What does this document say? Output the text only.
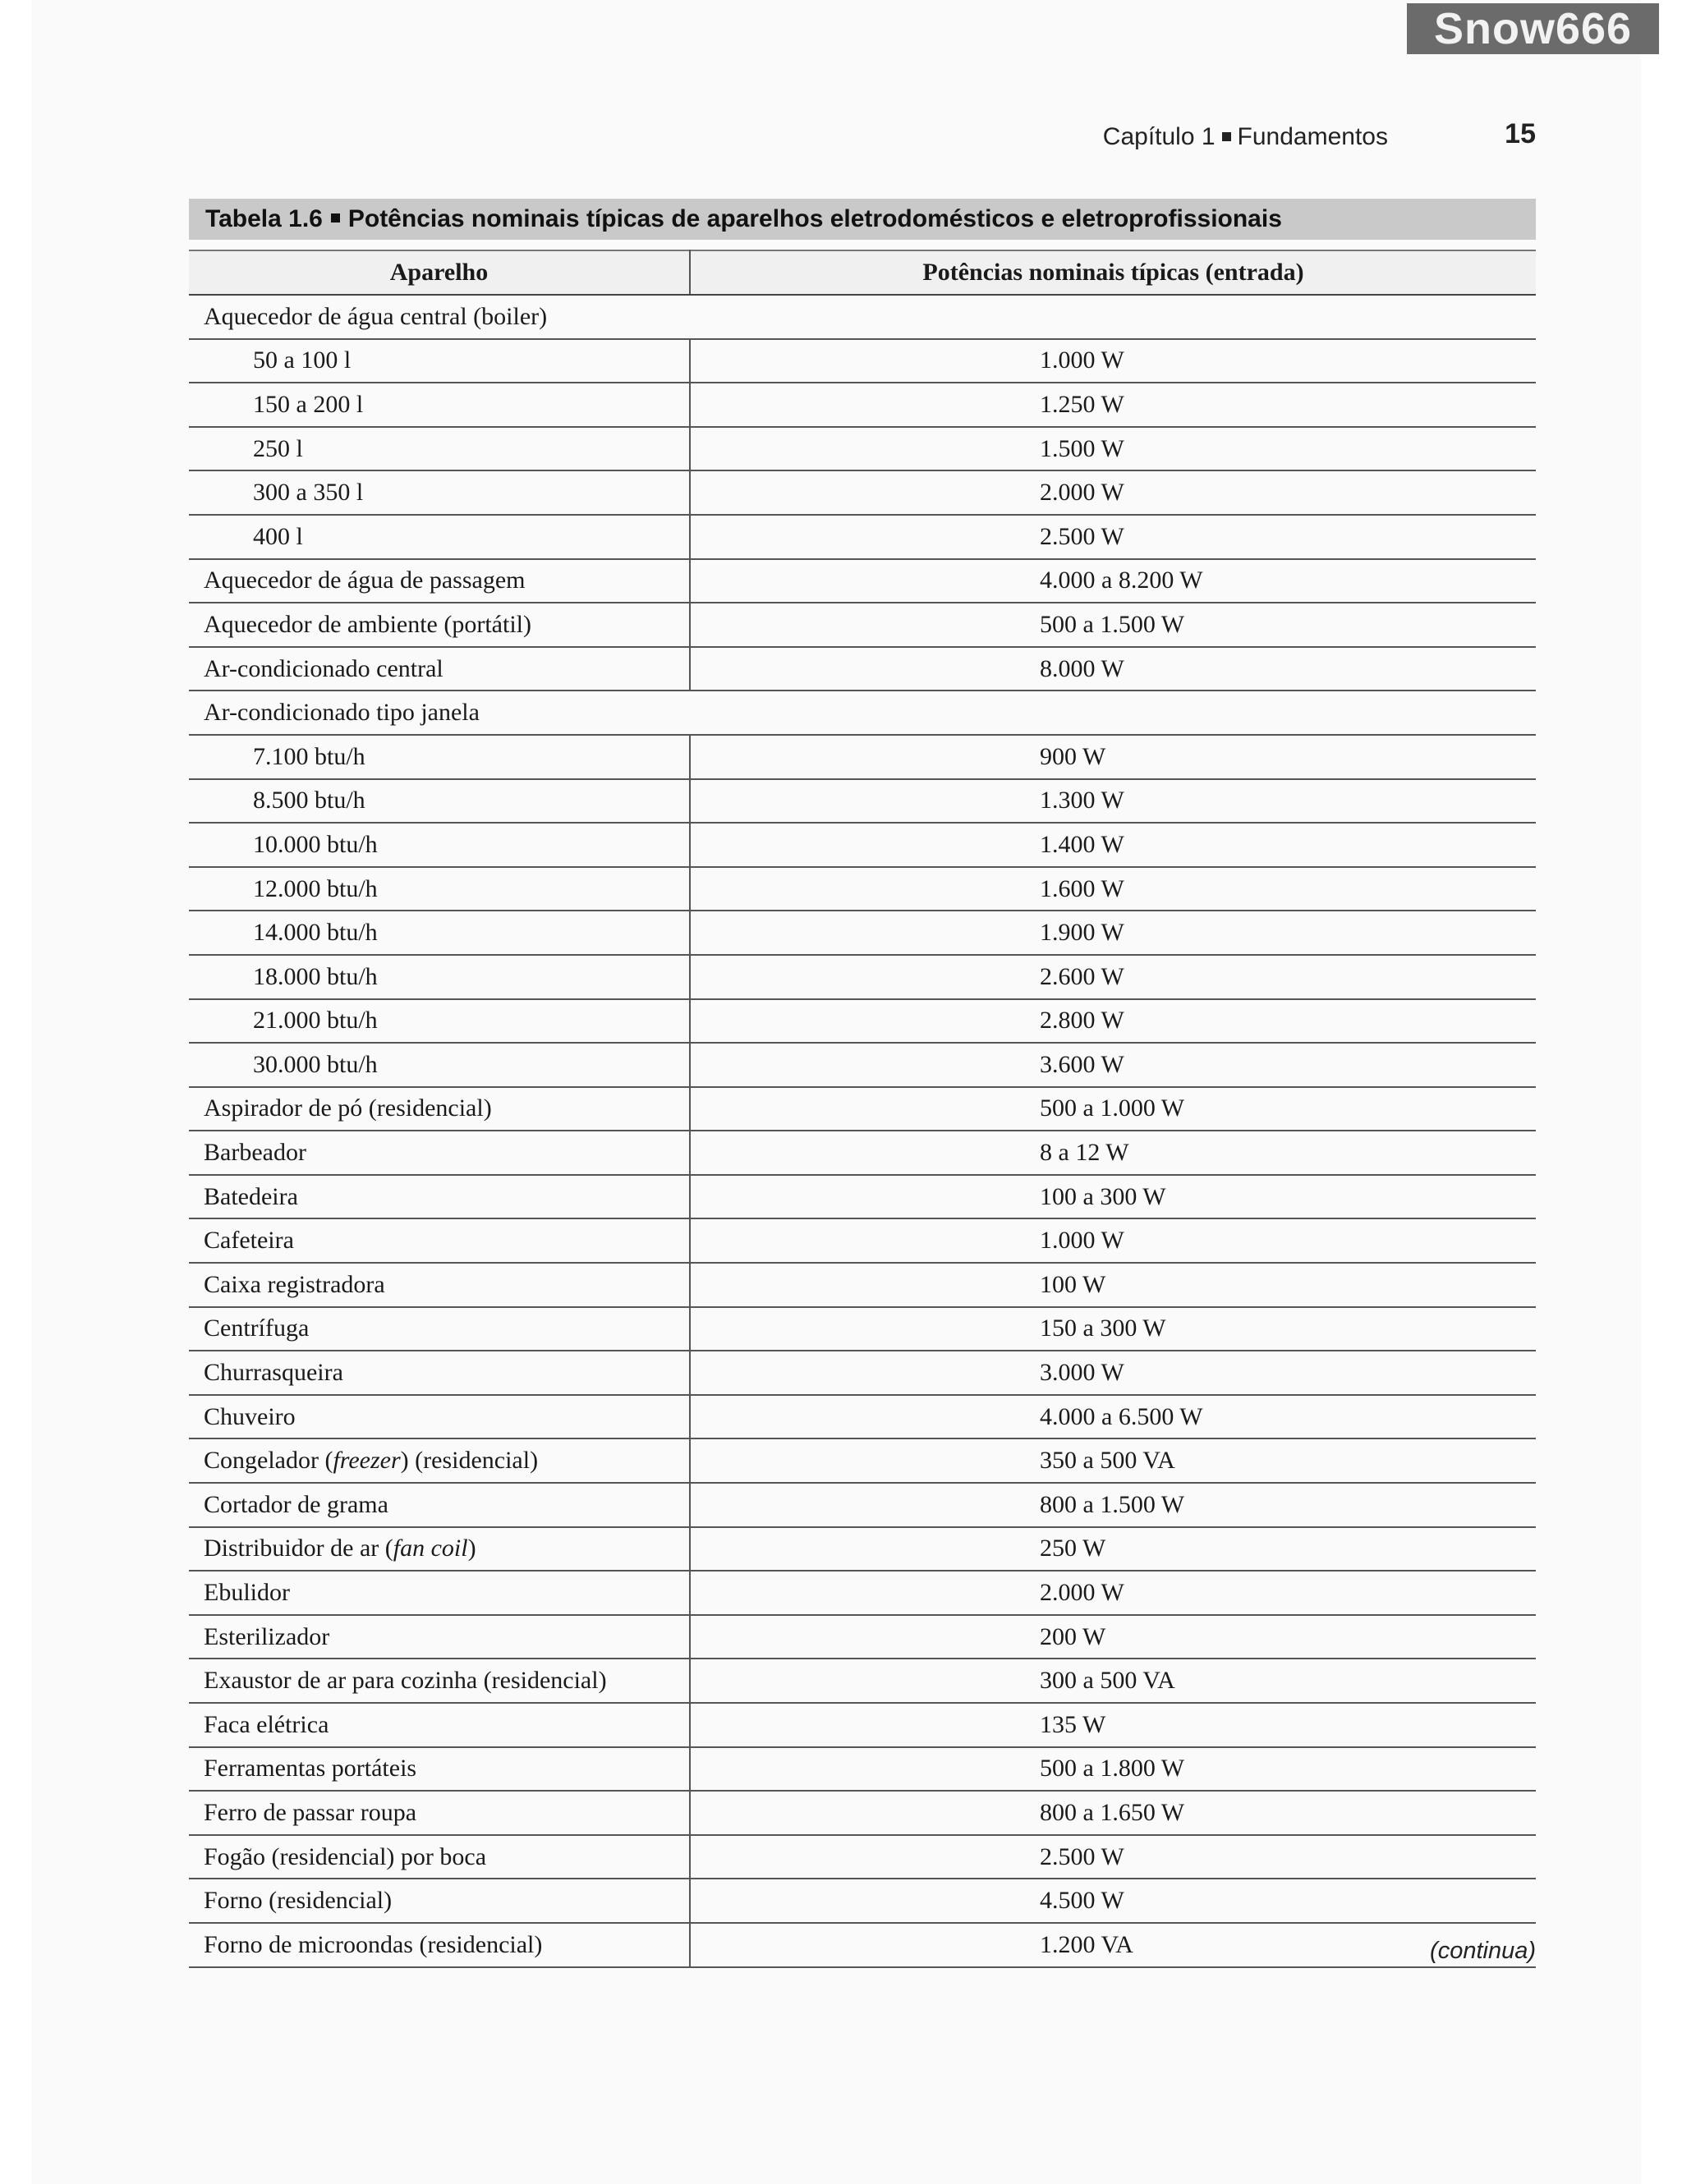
Snow666
Capítulo 1 Fundamentos	15
Tabela 1.6 Potências nominais típicas de aparelhos eletrodomésticos e eletroprofissionais
Aparelho	Potências nominais típicas (entrada)
Aquecedor de água central (boiler)	
50 a 100 l	1.000 W
150 a 200 l	1.250 W
250 l	1.500 W
300 a 350 l	2.000 W
400 l	2.500 W
Aquecedor de água de passagem	4.000 a 8.200 W
Aquecedor de ambiente (portátil)	500 a 1.500 W
Ar-condicionado central	8.000 W
Ar-condicionado tipo janela	
7.100 btu/h	900 W
8.500 btu/h	1.300 W
10.000 btu/h	1.400 W
12.000 btu/h	1.600 W
14.000 btu/h	1.900 W
18.000 btu/h	2.600 W
21.000 btu/h	2.800 W
30.000 btu/h	3.600 W
Aspirador de pó (residencial)	500 a 1.000 W
Barbeador	8 a 12 W
Batedeira	100 a 300 W
Cafeteira	1.000 W
Caixa registradora	100 W
Centrífuga	150 a 300 W
Churrasqueira	3.000 W
Chuveiro	4.000 a 6.500 W
Congelador (freezer) (residencial)	350 a 500 VA
Cortador de grama	800 a 1.500 W
Distribuidor de ar (fan coil)	250 W
Ebulidor	2.000 W
Esterilizador	200 W
Exaustor de ar para cozinha (residencial)	300 a 500 VA
Faca elétrica	135 W
Ferramentas portáteis	500 a 1.800 W
Ferro de passar roupa	800 a 1.650 W
Fogão (residencial) por boca	2.500 W
Forno (residencial)	4.500 W
Forno de microondas (residencial)	1.200 VA	(continua)
